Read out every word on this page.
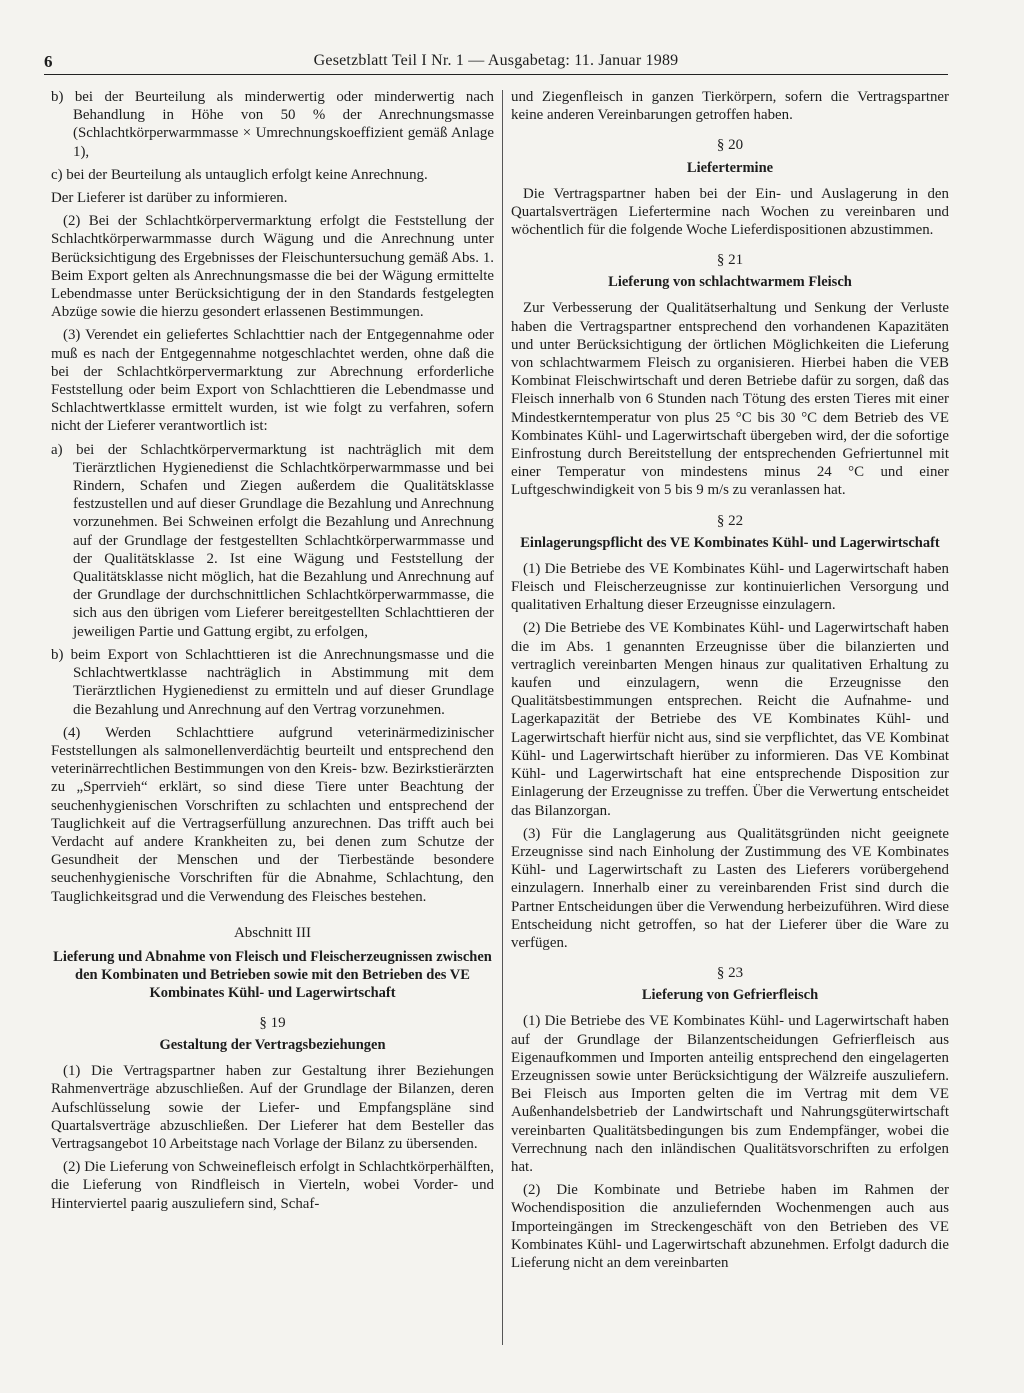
6	Gesetzblatt Teil I Nr. 1 — Ausgabetag: 11. Januar 1989

b) bei der Beurteilung als minderwertig oder minderwertig nach Behandlung in Höhe von 50 % der Anrechnungsmasse (Schlachtkörperwarmmasse × Umrechnungskoeffizient gemäß Anlage 1),

c) bei der Beurteilung als untauglich erfolgt keine Anrechnung.

Der Lieferer ist darüber zu informieren.

(2) Bei der Schlachtkörpervermarktung erfolgt die Feststellung der Schlachtkörperwarmmasse durch Wägung und die Anrechnung unter Berücksichtigung des Ergebnisses der Fleischuntersuchung gemäß Abs. 1. Beim Export gelten als Anrechnungsmasse die bei der Wägung ermittelte Lebendmasse unter Berücksichtigung der in den Standards festgelegten Abzüge sowie die hierzu gesondert erlassenen Bestimmungen.

(3) Verendet ein geliefertes Schlachttier nach der Entgegennahme oder muß es nach der Entgegennahme notgeschlachtet werden, ohne daß die bei der Schlachtkörpervermarktung zur Abrechnung erforderliche Feststellung oder beim Export von Schlachttieren die Lebendmasse und Schlachtwertklasse ermittelt wurden, ist wie folgt zu verfahren, sofern nicht der Lieferer verantwortlich ist:

a) bei der Schlachtkörpervermarktung ist nachträglich mit dem Tierärztlichen Hygienedienst die Schlachtkörperwarmmasse und bei Rindern, Schafen und Ziegen außerdem die Qualitätsklasse festzustellen und auf dieser Grundlage die Bezahlung und Anrechnung vorzunehmen. Bei Schweinen erfolgt die Bezahlung und Anrechnung auf der Grundlage der festgestellten Schlachtkörperwarmmasse und der Qualitätsklasse 2. Ist eine Wägung und Feststellung der Qualitätsklasse nicht möglich, hat die Bezahlung und Anrechnung auf der Grundlage der durchschnittlichen Schlachtkörperwarmmasse, die sich aus den übrigen vom Lieferer bereitgestellten Schlachttieren der jeweiligen Partie und Gattung ergibt, zu erfolgen,

b) beim Export von Schlachttieren ist die Anrechnungsmasse und die Schlachtwertklasse nachträglich in Abstimmung mit dem Tierärztlichen Hygienedienst zu ermitteln und auf dieser Grundlage die Bezahlung und Anrechnung auf den Vertrag vorzunehmen.

(4) Werden Schlachttiere aufgrund veterinärmedizinischer Feststellungen als salmonellenverdächtig beurteilt und entsprechend den veterinärrechtlichen Bestimmungen von den Kreis- bzw. Bezirkstierärzten zu „Sperrvieh“ erklärt, so sind diese Tiere unter Beachtung der seuchenhygienischen Vorschriften zu schlachten und entsprechend der Tauglichkeit auf die Vertragserfüllung anzurechnen. Das trifft auch bei Verdacht auf andere Krankheiten zu, bei denen zum Schutze der Gesundheit der Menschen und der Tierbestände besondere seuchenhygienische Vorschriften für die Abnahme, Schlachtung, den Tauglichkeitsgrad und die Verwendung des Fleisches bestehen.

Abschnitt III

Lieferung und Abnahme von Fleisch und Fleischerzeugnissen zwischen den Kombinaten und Betrieben sowie mit den Betrieben des VE Kombinates Kühl- und Lagerwirtschaft

§ 19

Gestaltung der Vertragsbeziehungen

(1) Die Vertragspartner haben zur Gestaltung ihrer Beziehungen Rahmenverträge abzuschließen. Auf der Grundlage der Bilanzen, deren Aufschlüsselung sowie der Liefer- und Empfangspläne sind Quartalsverträge abzuschließen. Der Lieferer hat dem Besteller das Vertragsangebot 10 Arbeitstage nach Vorlage der Bilanz zu übersenden.

(2) Die Lieferung von Schweinefleisch erfolgt in Schlachtkörperhälften, die Lieferung von Rindfleisch in Vierteln, wobei Vorder- und Hinterviertel paarig auszuliefern sind, Schaf-

und Ziegenfleisch in ganzen Tierkörpern, sofern die Vertragspartner keine anderen Vereinbarungen getroffen haben.

§ 20

Liefertermine

Die Vertragspartner haben bei der Ein- und Auslagerung in den Quartalsverträgen Liefertermine nach Wochen zu vereinbaren und wöchentlich für die folgende Woche Lieferdispositionen abzustimmen.

§ 21

Lieferung von schlachtwarmem Fleisch

Zur Verbesserung der Qualitätserhaltung und Senkung der Verluste haben die Vertragspartner entsprechend den vorhandenen Kapazitäten und unter Berücksichtigung der örtlichen Möglichkeiten die Lieferung von schlachtwarmem Fleisch zu organisieren. Hierbei haben die VEB Kombinat Fleischwirtschaft und deren Betriebe dafür zu sorgen, daß das Fleisch innerhalb von 6 Stunden nach Tötung des ersten Tieres mit einer Mindestkerntemperatur von plus 25 °C bis 30 °C dem Betrieb des VE Kombinates Kühl- und Lagerwirtschaft übergeben wird, der die sofortige Einfrostung durch Bereitstellung der entsprechenden Gefriertunnel mit einer Temperatur von mindestens minus 24 °C und einer Luftgeschwindigkeit von 5 bis 9 m/s zu veranlassen hat.

§ 22

Einlagerungspflicht des VE Kombinates Kühl- und Lagerwirtschaft

(1) Die Betriebe des VE Kombinates Kühl- und Lagerwirtschaft haben Fleisch und Fleischerzeugnisse zur kontinuierlichen Versorgung und qualitativen Erhaltung dieser Erzeugnisse einzulagern.

(2) Die Betriebe des VE Kombinates Kühl- und Lagerwirtschaft haben die im Abs. 1 genannten Erzeugnisse über die bilanzierten und vertraglich vereinbarten Mengen hinaus zur qualitativen Erhaltung zu kaufen und einzulagern, wenn die Erzeugnisse den Qualitätsbestimmungen entsprechen. Reicht die Aufnahme- und Lagerkapazität der Betriebe des VE Kombinates Kühl- und Lagerwirtschaft hierfür nicht aus, sind sie verpflichtet, das VE Kombinat Kühl- und Lagerwirtschaft hierüber zu informieren. Das VE Kombinat Kühl- und Lagerwirtschaft hat eine entsprechende Disposition zur Einlagerung der Erzeugnisse zu treffen. Über die Verwertung entscheidet das Bilanzorgan.

(3) Für die Langlagerung aus Qualitätsgründen nicht geeignete Erzeugnisse sind nach Einholung der Zustimmung des VE Kombinates Kühl- und Lagerwirtschaft zu Lasten des Lieferers vorübergehend einzulagern. Innerhalb einer zu vereinbarenden Frist sind durch die Partner Entscheidungen über die Verwendung herbeizuführen. Wird diese Entscheidung nicht getroffen, so hat der Lieferer über die Ware zu verfügen.

§ 23

Lieferung von Gefrierfleisch

(1) Die Betriebe des VE Kombinates Kühl- und Lagerwirtschaft haben auf der Grundlage der Bilanzentscheidungen Gefrierfleisch aus Eigenaufkommen und Importen anteilig entsprechend den eingelagerten Erzeugnissen sowie unter Berücksichtigung der Wälzreife auszuliefern. Bei Fleisch aus Importen gelten die im Vertrag mit dem VE Außenhandelsbetrieb der Landwirtschaft und Nahrungsgüterwirtschaft vereinbarten Qualitätsbedingungen bis zum Endempfänger, wobei die Verrechnung nach den inländischen Qualitätsvorschriften zu erfolgen hat.

(2) Die Kombinate und Betriebe haben im Rahmen der Wochendisposition die anzuliefernden Wochenmengen auch aus Importeingängen im Streckengeschäft von den Betrieben des VE Kombinates Kühl- und Lagerwirtschaft abzunehmen. Erfolgt dadurch die Lieferung nicht an dem vereinbarten
